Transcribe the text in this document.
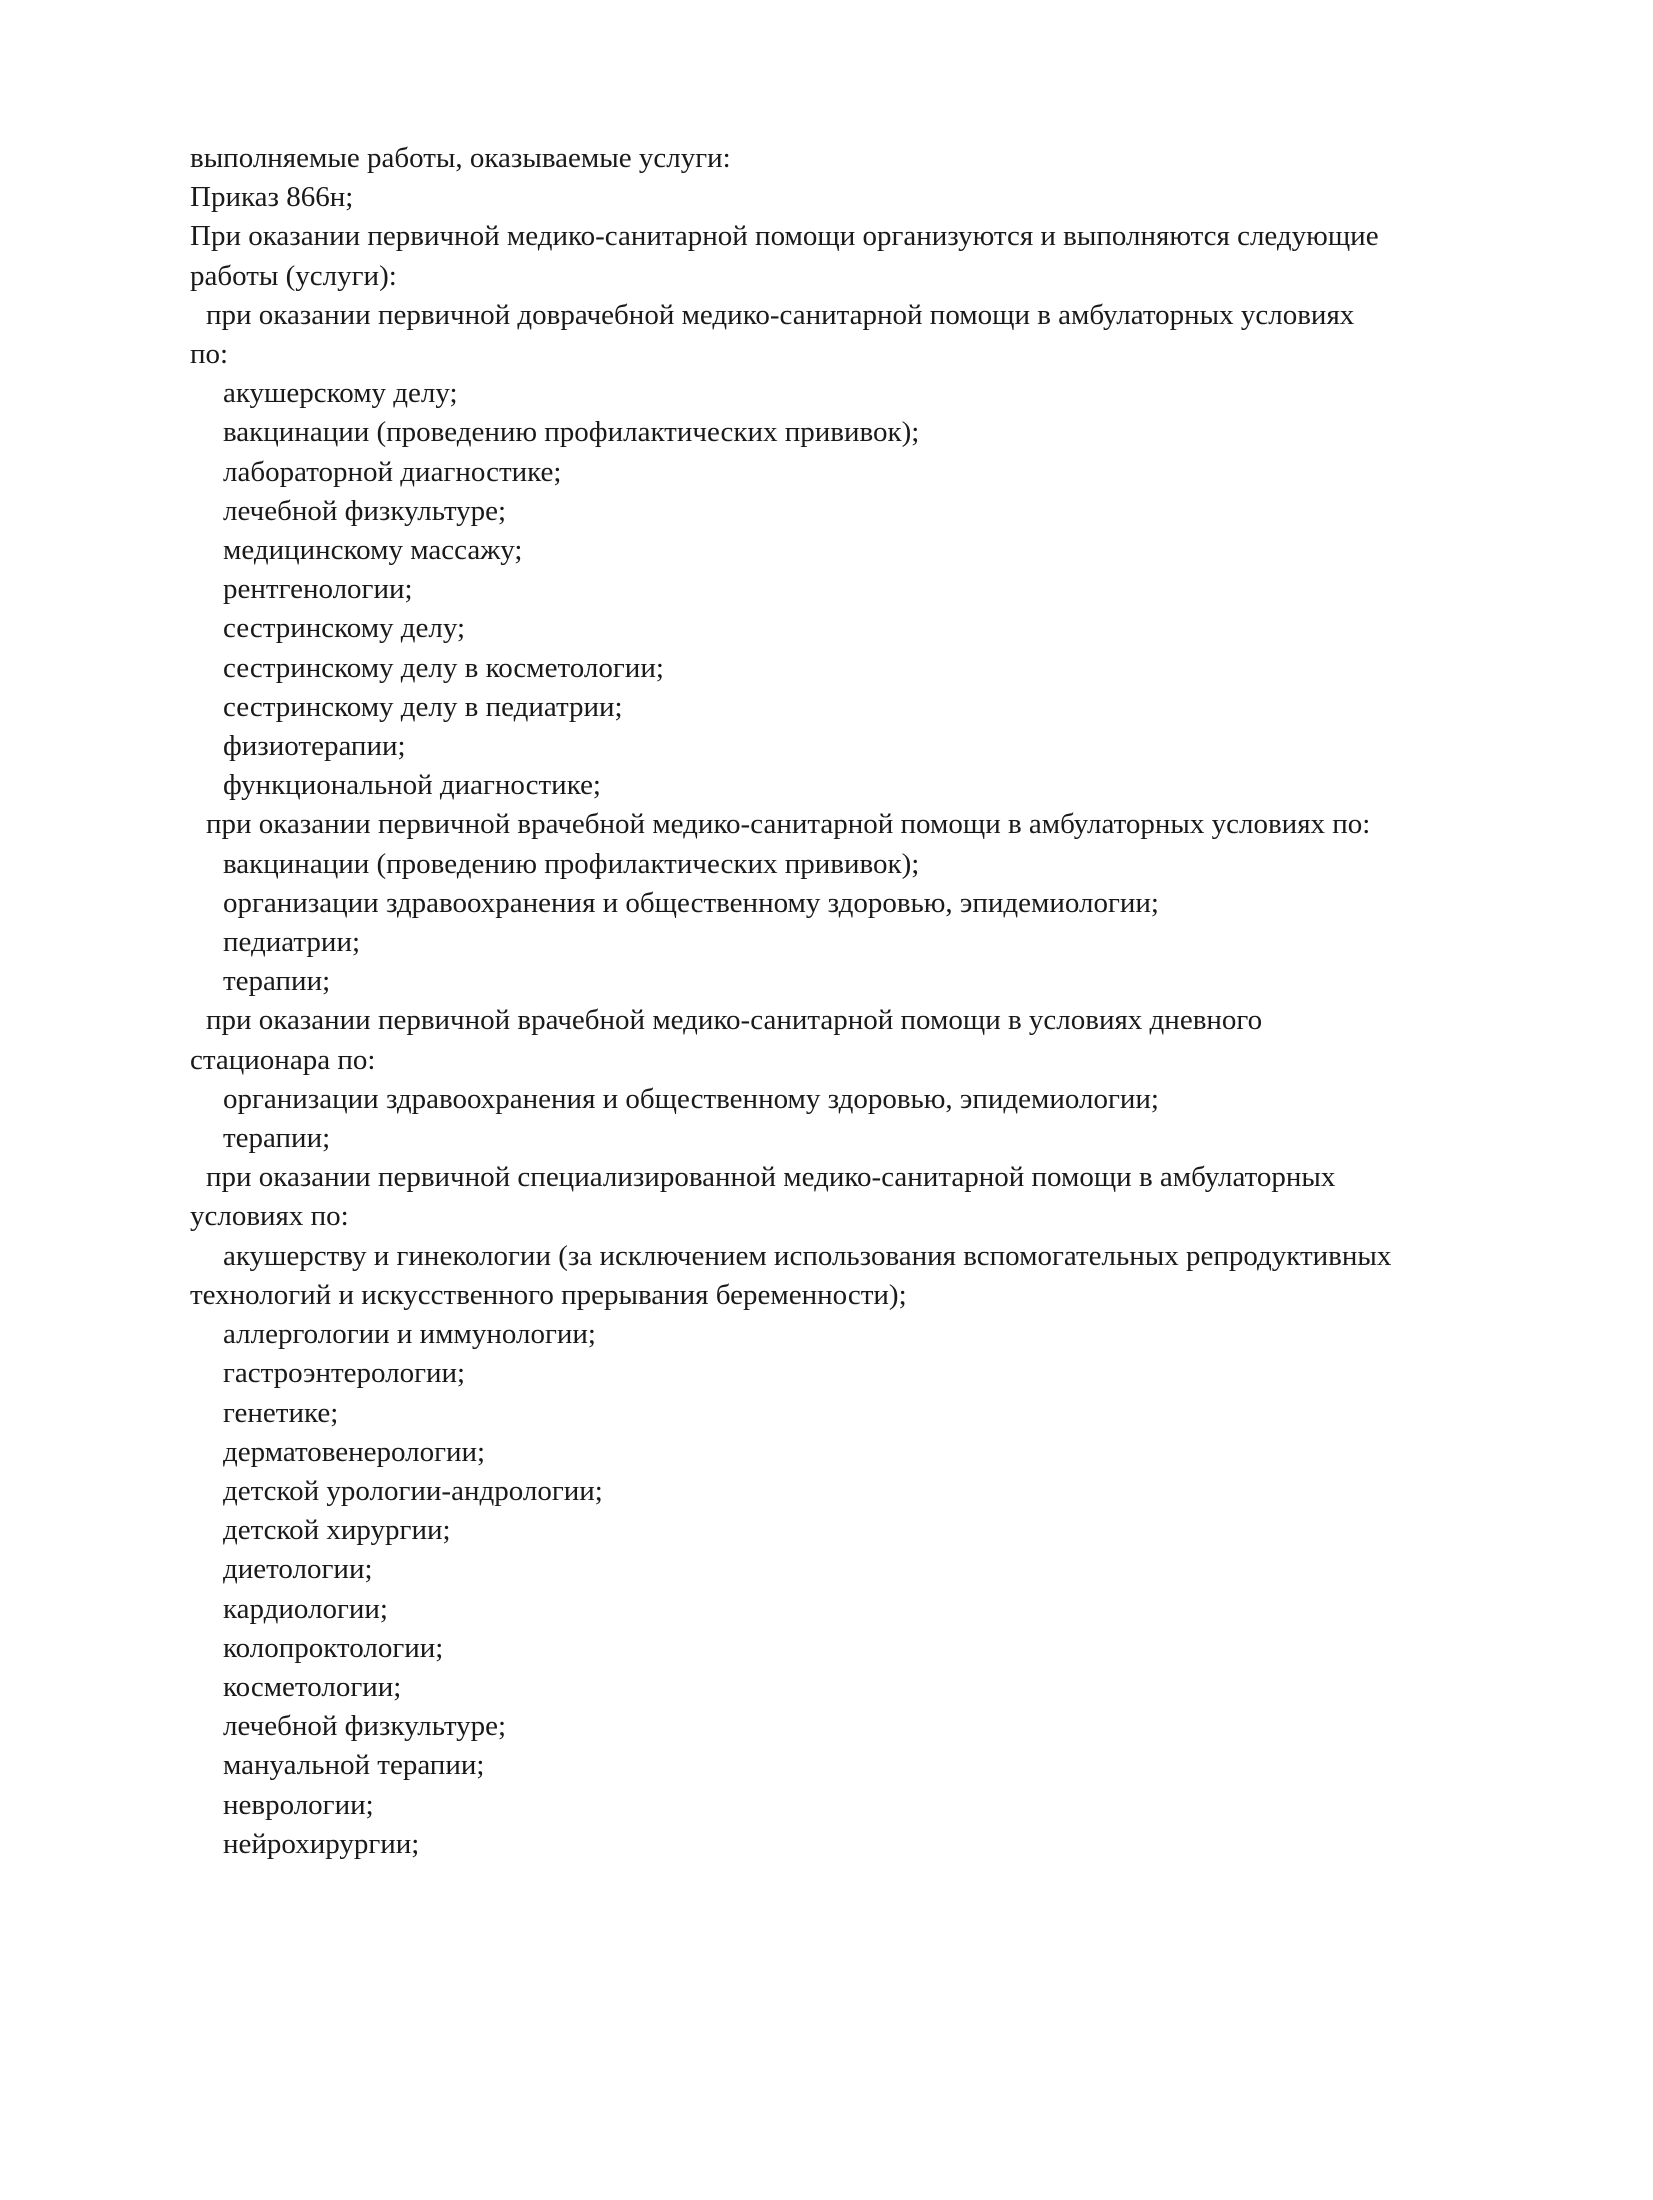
выполняемые работы, оказываемые услуги:
Приказ 866н;
При оказании первичной медико-санитарной помощи организуются и выполняются следующие
работы (услуги):
при оказании первичной доврачебной медико-санитарной помощи в амбулаторных условиях
по:
акушерскому делу;
вакцинации (проведению профилактических прививок);
лабораторной диагностике;
лечебной физкультуре;
медицинскому массажу;
рентгенологии;
сестринскому делу;
сестринскому делу в косметологии;
сестринскому делу в педиатрии;
физиотерапии;
функциональной диагностике;
при оказании первичной врачебной медико-санитарной помощи в амбулаторных условиях по:
вакцинации (проведению профилактических прививок);
организации здравоохранения и общественному здоровью, эпидемиологии;
педиатрии;
терапии;
при оказании первичной врачебной медико-санитарной помощи в условиях дневного
стационара по:
организации здравоохранения и общественному здоровью, эпидемиологии;
терапии;
при оказании первичной специализированной медико-санитарной помощи в амбулаторных
условиях по:
акушерству и гинекологии (за исключением использования вспомогательных репродуктивных
технологий и искусственного прерывания беременности);
аллергологии и иммунологии;
гастроэнтерологии;
генетике;
дерматовенерологии;
детской урологии-андрологии;
детской хирургии;
диетологии;
кардиологии;
колопроктологии;
косметологии;
лечебной физкультуре;
мануальной терапии;
неврологии;
нейрохирургии;
